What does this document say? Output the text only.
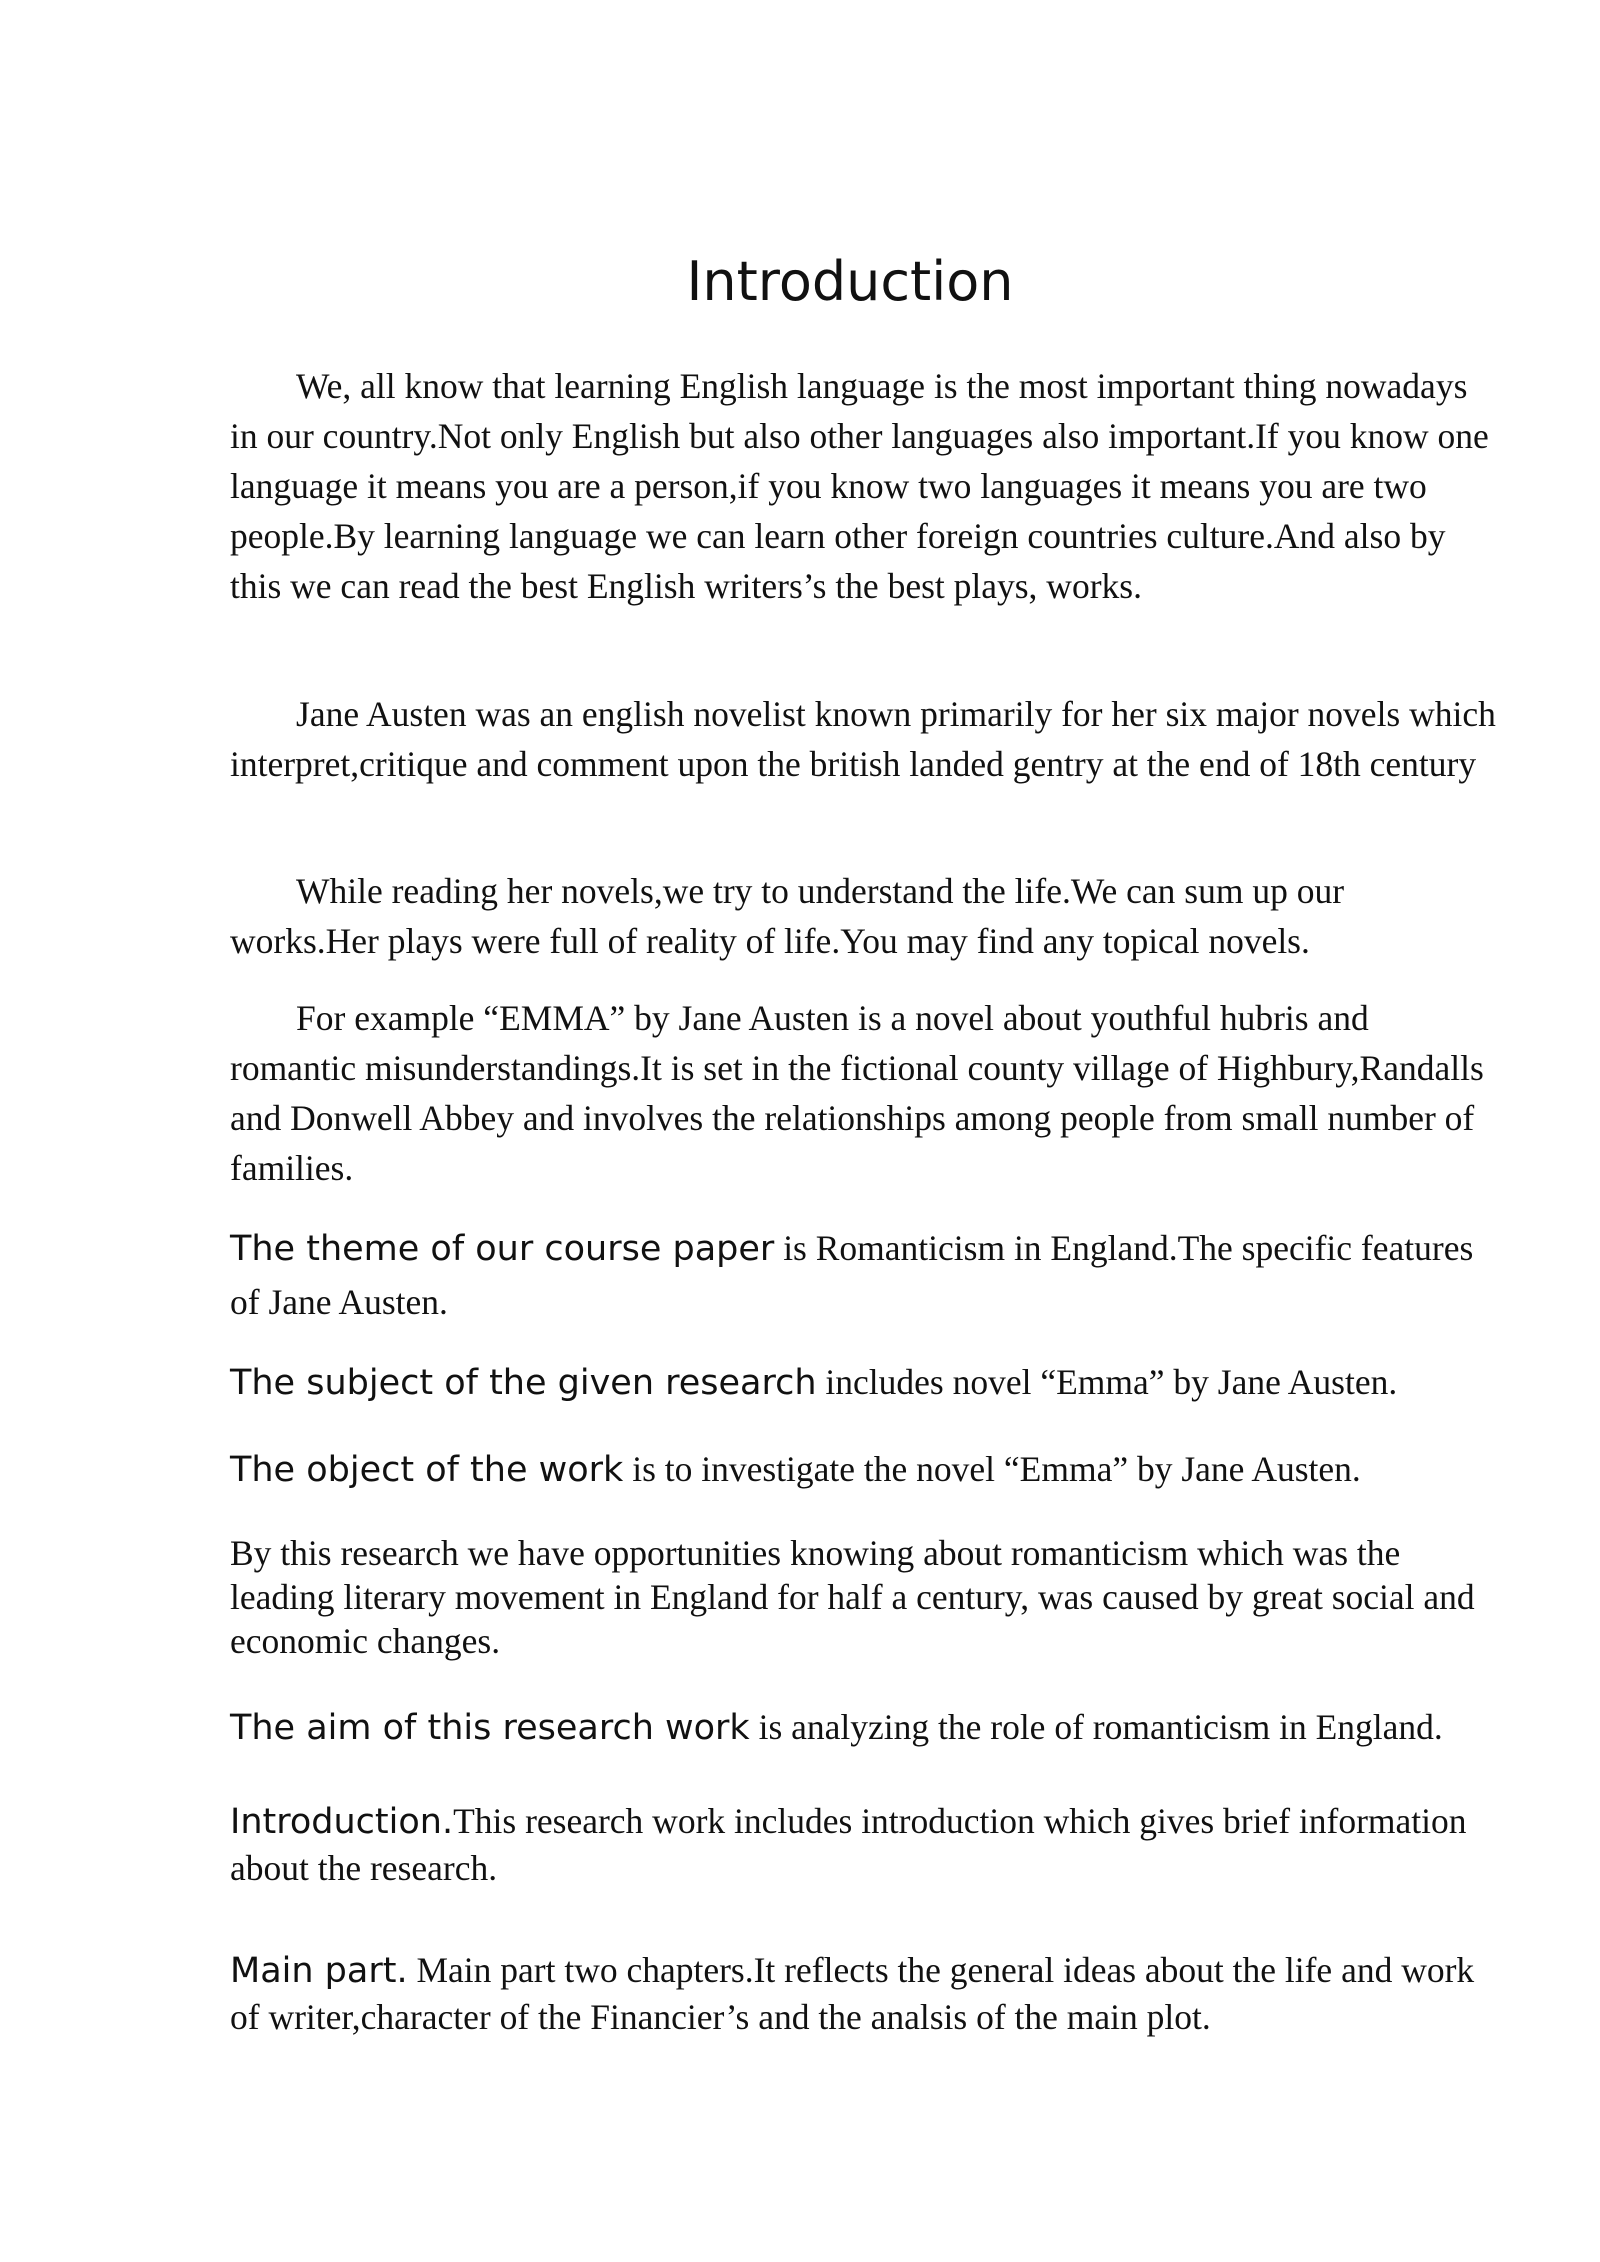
Introduction

We, all know that learning English language is the most important thing nowadays in our country.Not only English but also other languages also important.If you know one language it means you are a person,if you know two languages it means you are two people.By learning language we can learn other foreign countries culture.And also by this we can read the best English writers’s the best plays, works.

Jane Austen was an english novelist known primarily for her six major novels which interpret,critique and comment upon the british landed gentry at the end of 18th century

While reading her novels,we try to understand the life.We can sum up our works.Her plays were full of reality of life.You may find any topical novels.

For example “EMMA” by Jane Austen is a novel about youthful hubris and romantic misunderstandings.It is set in the fictional county village of Highbury,Randalls and Donwell Abbey and involves the relationships among people from small number of families.

The theme of our course paper is Romanticism in England.The specific features of Jane Austen.

The subject of the given research includes novel “Emma” by Jane Austen.

The object of the work is to investigate the novel “Emma” by Jane Austen.

By this research we have opportunities knowing about romanticism which was the leading literary movement in England for half a century, was caused by great social and economic changes.

The aim of this research work is analyzing the role of romanticism in England.

Introduction.This research work includes introduction which gives brief information about the research.

Main part. Main part two chapters.It reflects the general ideas about the life and work of writer,character of the Financier’s and the analsis of the main plot.
